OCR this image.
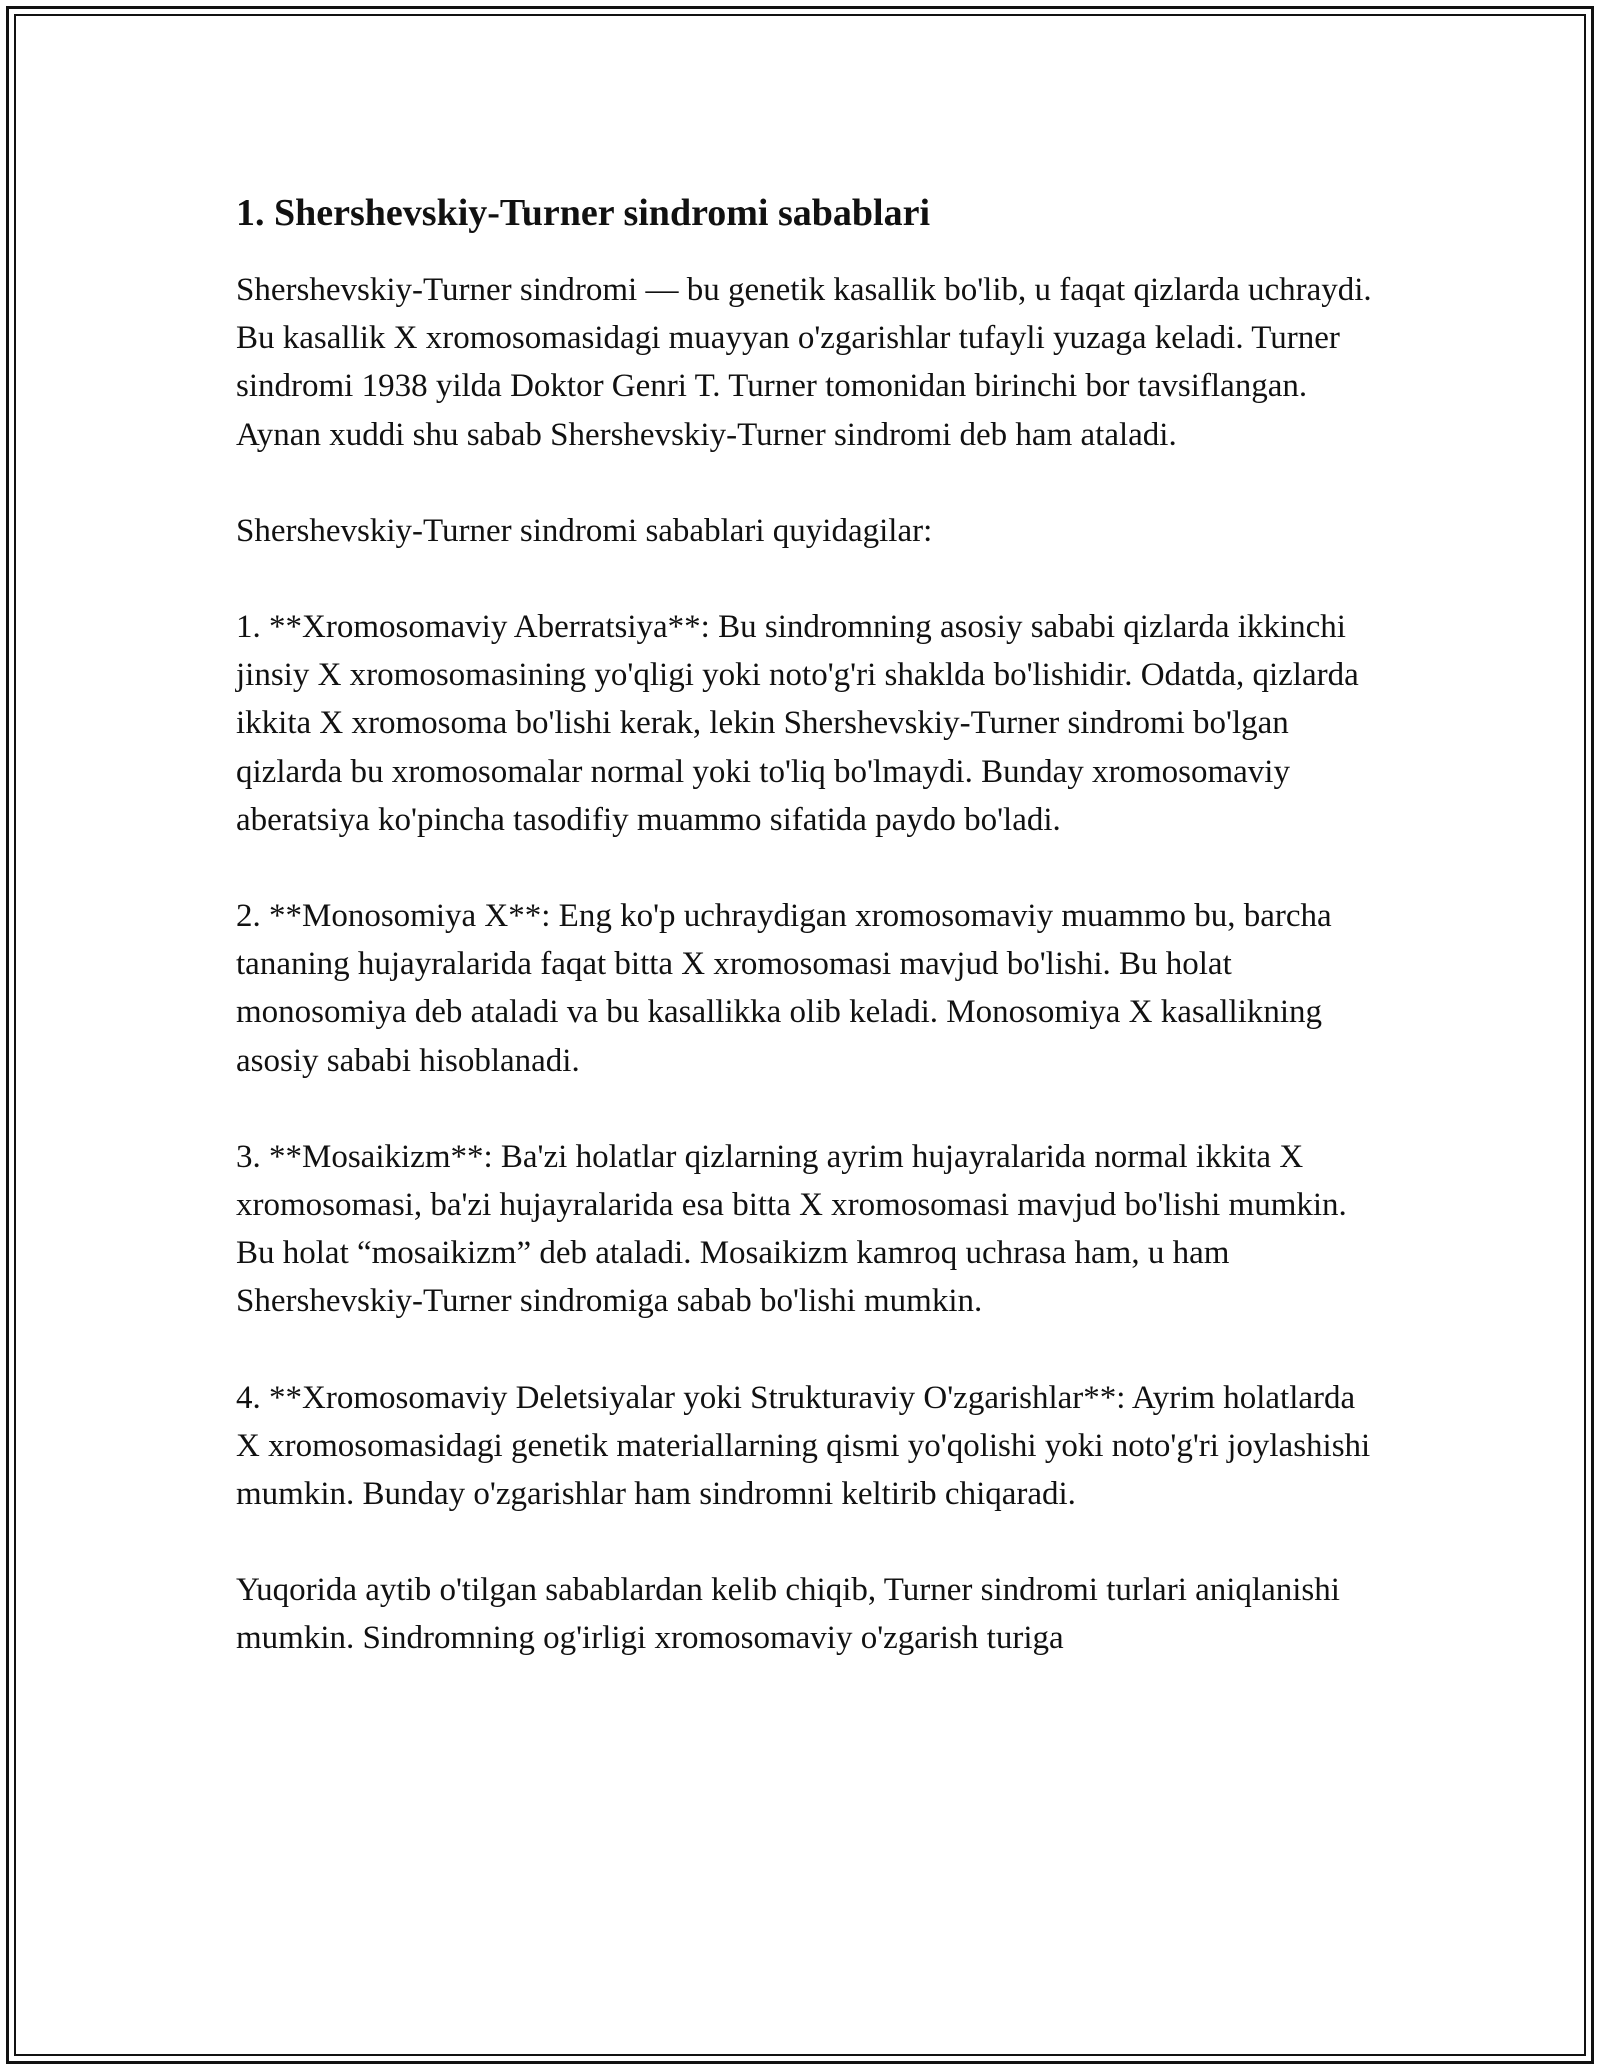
1. Shershevskiy-Turner sindromi sabablari

Shershevskiy-Turner sindromi — bu genetik kasallik bo'lib, u faqat qizlarda uchraydi. Bu kasallik X xromosomasidagi muayyan o'zgarishlar tufayli yuzaga keladi. Turner sindromi 1938 yilda Doktor Genri T. Turner tomonidan birinchi bor tavsiflangan. Aynan xuddi shu sabab Shershevskiy-Turner sindromi deb ham ataladi.

Shershevskiy-Turner sindromi sabablari quyidagilar:

1. **Xromosomaviy Aberratsiya**: Bu sindromning asosiy sababi qizlarda ikkinchi jinsiy X xromosomasining yo'qligi yoki noto'g'ri shaklda bo'lishidir. Odatda, qizlarda ikkita X xromosoma bo'lishi kerak, lekin Shershevskiy-Turner sindromi bo'lgan qizlarda bu xromosomalar normal yoki to'liq bo'lmaydi. Bunday xromosomaviy aberatsiya ko'pincha tasodifiy muammo sifatida paydo bo'ladi.

2. **Monosomiya X**: Eng ko'p uchraydigan xromosomaviy muammo bu, barcha tananing hujayralarida faqat bitta X xromosomasi mavjud bo'lishi. Bu holat monosomiya deb ataladi va bu kasallikka olib keladi. Monosomiya X kasallikning asosiy sababi hisoblanadi.

3. **Mosaikizm**: Ba'zi holatlar qizlarning ayrim hujayralarida normal ikkita X xromosomasi, ba'zi hujayralarida esa bitta X xromosomasi mavjud bo'lishi mumkin. Bu holat “mosaikizm” deb ataladi. Mosaikizm kamroq uchrasa ham, u ham Shershevskiy-Turner sindromiga sabab bo'lishi mumkin.

4. **Xromosomaviy Deletsiyalar yoki Strukturaviy O'zgarishlar**: Ayrim holatlarda X xromosomasidagi genetik materiallarning qismi yo'qolishi yoki noto'g'ri joylashishi mumkin. Bunday o'zgarishlar ham sindromni keltirib chiqaradi.

Yuqorida aytib o'tilgan sabablardan kelib chiqib, Turner sindromi turlari aniqlanishi mumkin. Sindromning og'irligi xromosomaviy o'zgarish turiga
